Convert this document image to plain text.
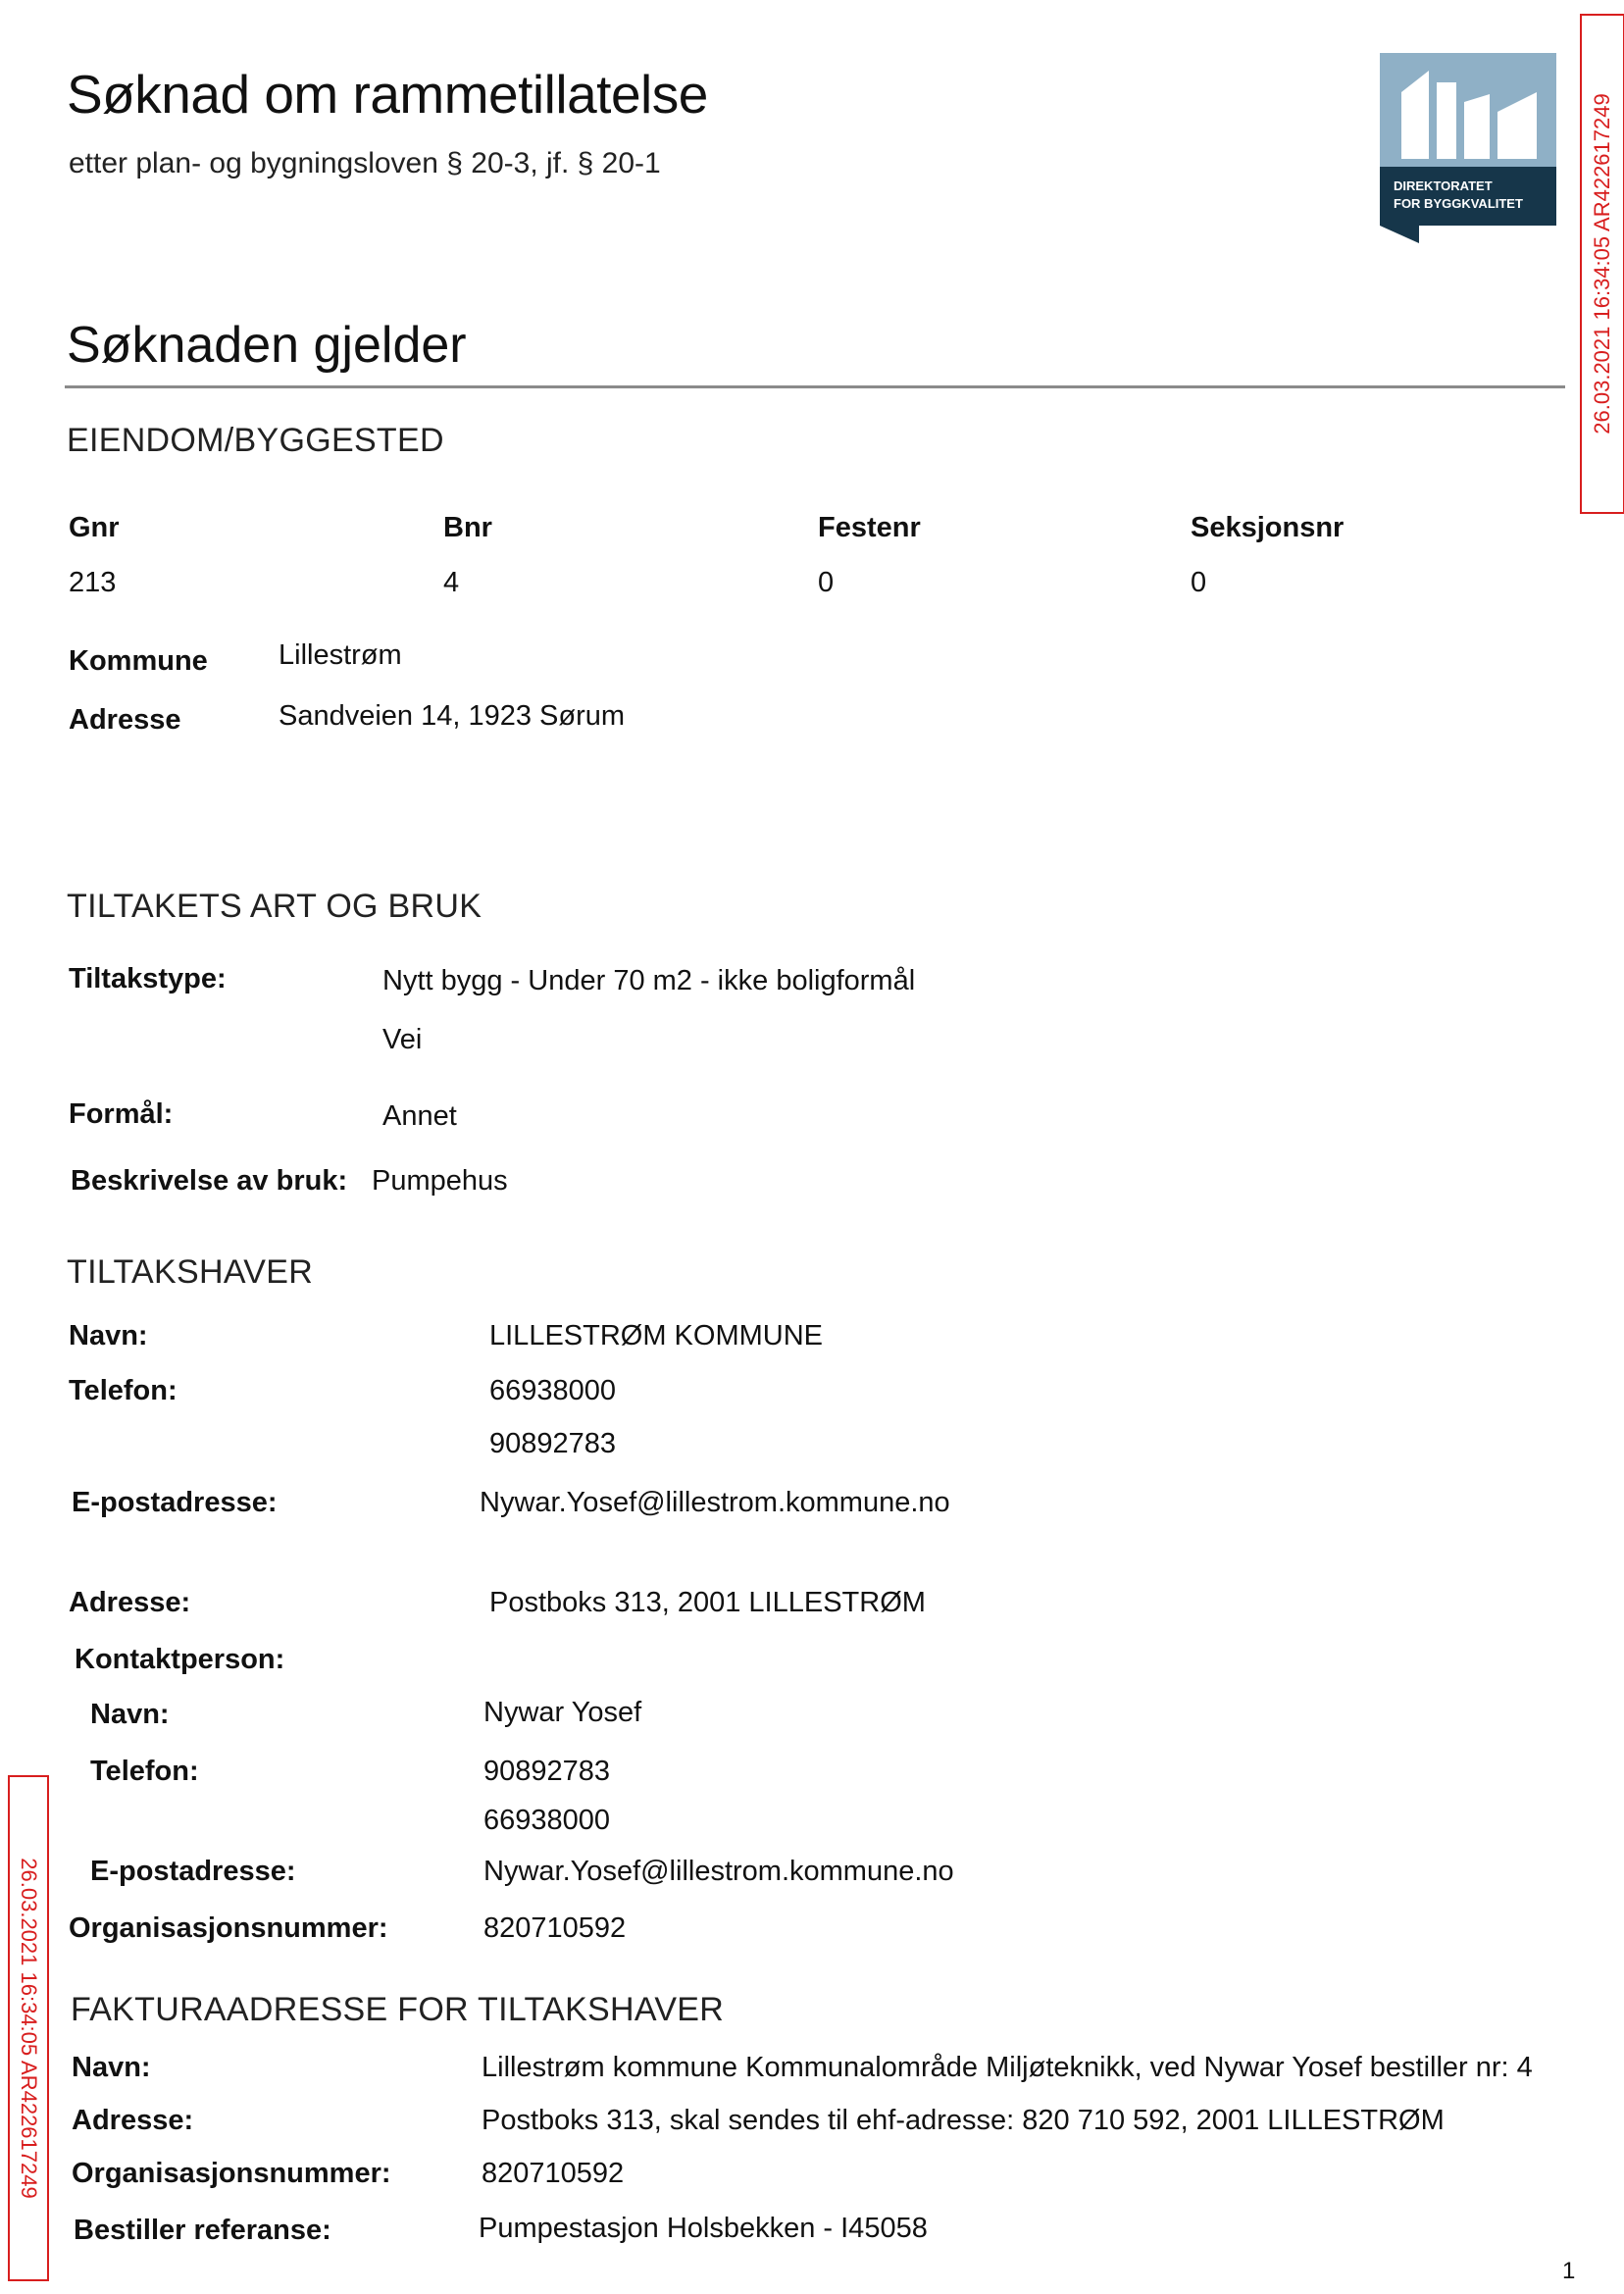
Søknad om rammetillatelse
etter plan- og bygningsloven § 20-3, jf. § 20-1
DIREKTORATET
FOR BYGGKVALITET	26.03.2021 16:34:05 AR422617249
26.03.2021 16:34:05 AR422617249
Søknaden gjelder
EIENDOM/BYGGESTED
Gnr	Bnr	Festenr	Seksjonsnr
213	4	0	0
Kommune Lillestrøm
Adresse	Sandveien 14, 1923 Sørum
TILTAKETS ART OG BRUK
Tiltakstype:	Nytt bygg - Under 70 m2 - ikke boligformål
Vei
Formål:	Annet
Beskrivelse av bruk: Pumpehus
TILTAKSHAVER
Navn:	LILLESTRØM KOMMUNE
Telefon:	66938000
90892783
E-postadresse:	Nywar.Yosef@lillestrom.kommune.no
Adresse:	Postboks 313, 2001 LILLESTRØM
Kontaktperson:
Navn:	Nywar Yosef
Telefon:	90892783
66938000
E-postadresse:	Nywar.Yosef@lillestrom.kommune.no
Organisasjonsnummer:	820710592
FAKTURAADRESSE FOR TILTAKSHAVER
Navn:	Lillestrøm kommune Kommunalområde Miljøteknikk, ved Nywar Yosef bestiller nr: 4
Adresse:	Postboks 313, skal sendes til ehf-adresse: 820 710 592, 2001 LILLESTRØM
Organisasjonsnummer:	820710592
Bestiller referanse:	Pumpestasjon Holsbekken - I45058
1
